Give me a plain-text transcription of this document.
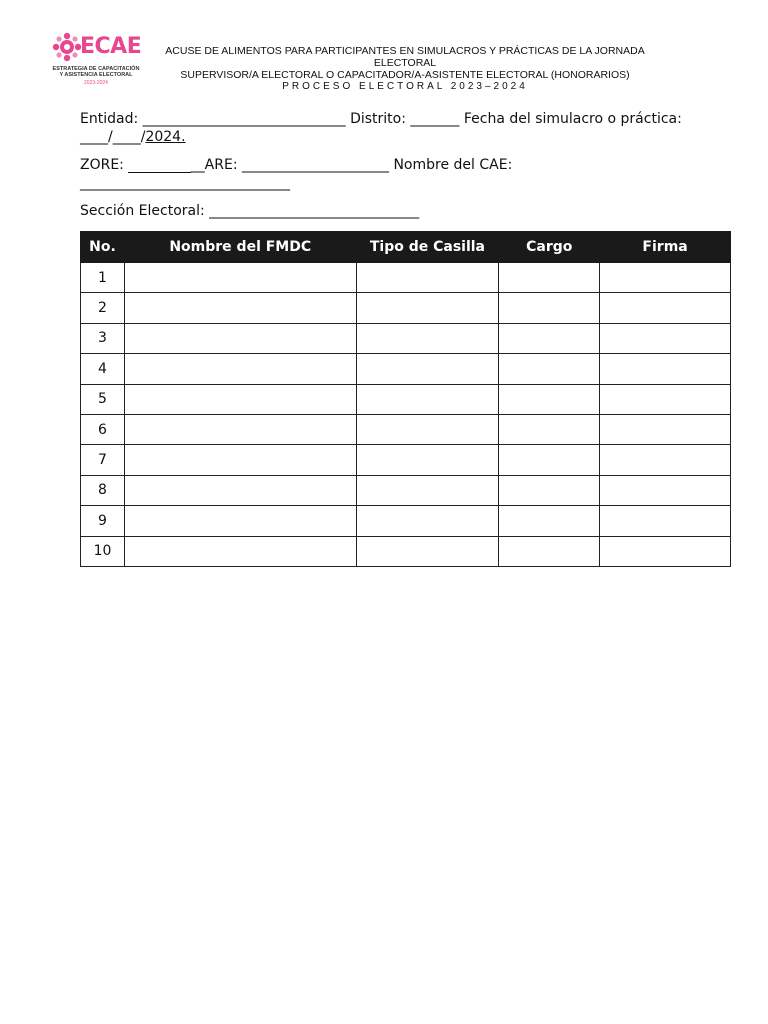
ECAE
ESTRATEGIA DE CAPACITACIÓN
Y ASISTENCIA ELECTORAL
2023-2024
ACUSE DE ALIMENTOS PARA PARTICIPANTES EN SIMULACROS Y PRÁCTICAS DE LA JORNADA ELECTORAL
SUPERVISOR/A ELECTORAL O CAPACITADOR/A-ASISTENTE ELECTORAL (HONORARIOS)
PROCESO ELECTORAL 2023–2024
Entidad: _____________________________ Distrito: _______ Fecha del simulacro o práctica:
____/____/2024.
ZORE:	__ARE: _____________________ Nombre del CAE:
______________________________
Sección Electoral: ______________________________
No.	Nombre del FMDC	Tipo de Casilla	Cargo	Firma
1				
2				
3				
4				
5				
6				
7				
8				
9				
10				
